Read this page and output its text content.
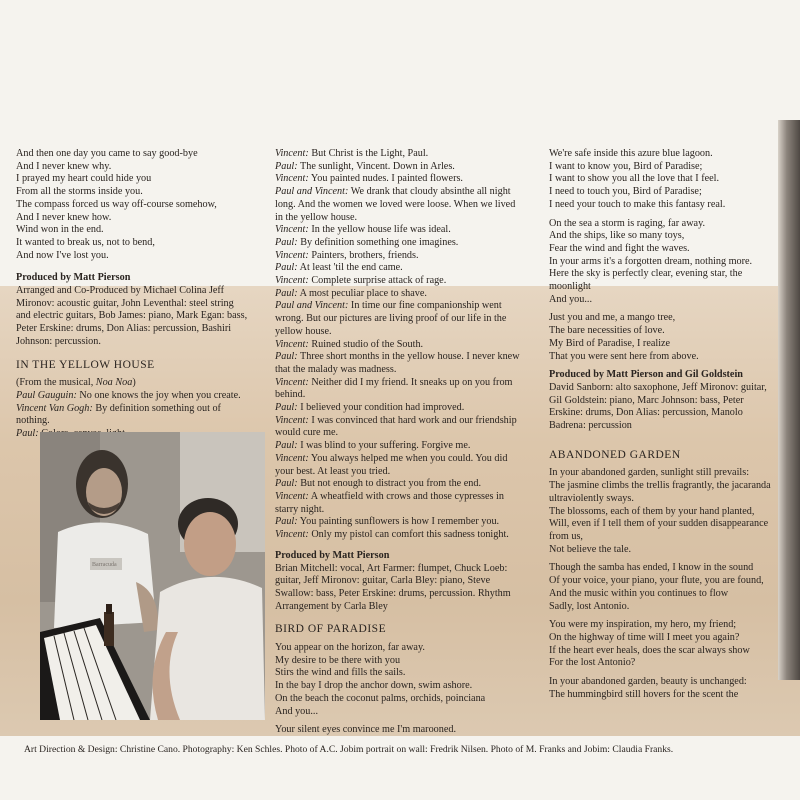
And then one day you came to say good-bye
And I never knew why.
I prayed my heart could hide you
From all the storms inside you.
The compass forced us way off-course somehow,
And I never knew how.
Wind won in the end.
It wanted to break us, not to bend,
And now I've lost you.

Produced by Matt Pierson
Arranged and Co-Produced by Michael Colina Jeff Mironov: acoustic guitar, John Leventhal: steel string and electric guitars, Bob James: piano, Mark Egan: bass, Peter Erskine: drums, Don Alias: percussion, Bashiri Johnson: percussion.

IN THE YELLOW HOUSE
(From the musical, Noa Noa)
Paul Gauguin: No one knows the joy when you create.
Vincent Van Gogh: By definition something out of nothing.
Paul:
Barracuda
Vincent: But Christ is the Light, Paul.
Paul: The sunlight, Vincent. Down in Arles.
Vincent: You painted nudes. I painted flowers.
Paul and Vincent: We drank that cloudy absinthe all night long. And the women we loved were loose. When we lived in the yellow house.
Vincent: In the yellow house life was ideal.
Paul: By definition something one imagines.
Vincent: Painters, brothers, friends.
Paul: At least 'til the end came.
Vincent: Complete surprise attack of rage.
Paul: A most peculiar place to shave.
Paul and Vincent: In time our fine companionship went wrong. But our pictures are living proof of our life in the yellow house.
Vincent: Ruined studio of the South.
Paul: Three short months in the yellow house. I never knew that the malady was madness.
Vincent: Neither did I my friend. It sneaks up on you from behind.
Paul: I believed your condition had improved.
Vincent: I was convinced that hard work and our friendship would cure me.
Paul: I was blind to your suffering. Forgive me.
Vincent: You always helped me when you could. You did your best. At least you tried.
Paul: But not enough to distract you from the end.
Vincent: A wheatfield with crows and those cypresses in starry night.
Paul: You painting sunflowers is how I remember you.
Vincent: Only my pistol can comfort this sadness tonight.

Produced by Matt Pierson
Brian Mitchell: vocal, Art Farmer: flumpet, Chuck Loeb: guitar, Jeff Mironov: guitar, Carla Bley: piano, Steve Swallow: bass, Peter Erskine: drums, percussion. Rhythm Arrangement by Carla Bley

BIRD OF PARADISE

You appear on the horizon, far away.
My desire to be there with you
Stirs the wind and fills the sails.
In the bay I drop the anchor down, swim ashore.
On the beach the coconut palms, orchids, poinciana
And you...

Your silent eyes convince me I'm marooned.

We're safe inside this azure blue lagoon.
I want to know you, Bird of Paradise;
I want to show you all the love that I feel.
I need to touch you, Bird of Paradise;
I need your touch to make this fantasy real.

On the sea a storm is raging, far away.
And the ships, like so many toys,
Fear the wind and fight the waves.
In your arms it's a forgotten dream, nothing more.
Here the sky is perfectly clear, evening star, the moonlight
And you...

Just you and me, a mango tree,
The bare necessities of love.
My Bird of Paradise, I realize
That you were sent here from above.

Produced by Matt Pierson and Gil Goldstein
David Sanborn: alto saxophone, Jeff Mironov: guitar, Gil Goldstein: piano, Marc Johnson: bass, Peter Erskine: drums, Don Alias: percussion, Manolo Badrena: percussion

ABANDONED GARDEN

In your abandoned garden, sunlight still prevails:
The jasmine climbs the trellis fragrantly, the jacaranda ultraviolently sways.
The blossoms, each of them by your hand planted,
Will, even if I tell them of your sudden disappearance from us,
Not believe the tale.

Though the samba has ended, I know in the sound
Of your voice, your piano, your flute, you are found,
And the music within you continues to flow
Sadly, lost Antonio.

You were my inspiration, my hero, my friend;
On the highway of time will I meet you again?
If the heart ever heals, does the scar always show
For the lost Antonio?

In your abandoned garden, beauty is unchanged:
The hummingbird still hovers for the scent the

Art Direction & Design: Christine Cano. Photography: Ken Schles. Photo of A.C. Jobim portrait on wall: Fredrik Nilsen. Photo of M. Franks and Jobim: Claudia Franks.
